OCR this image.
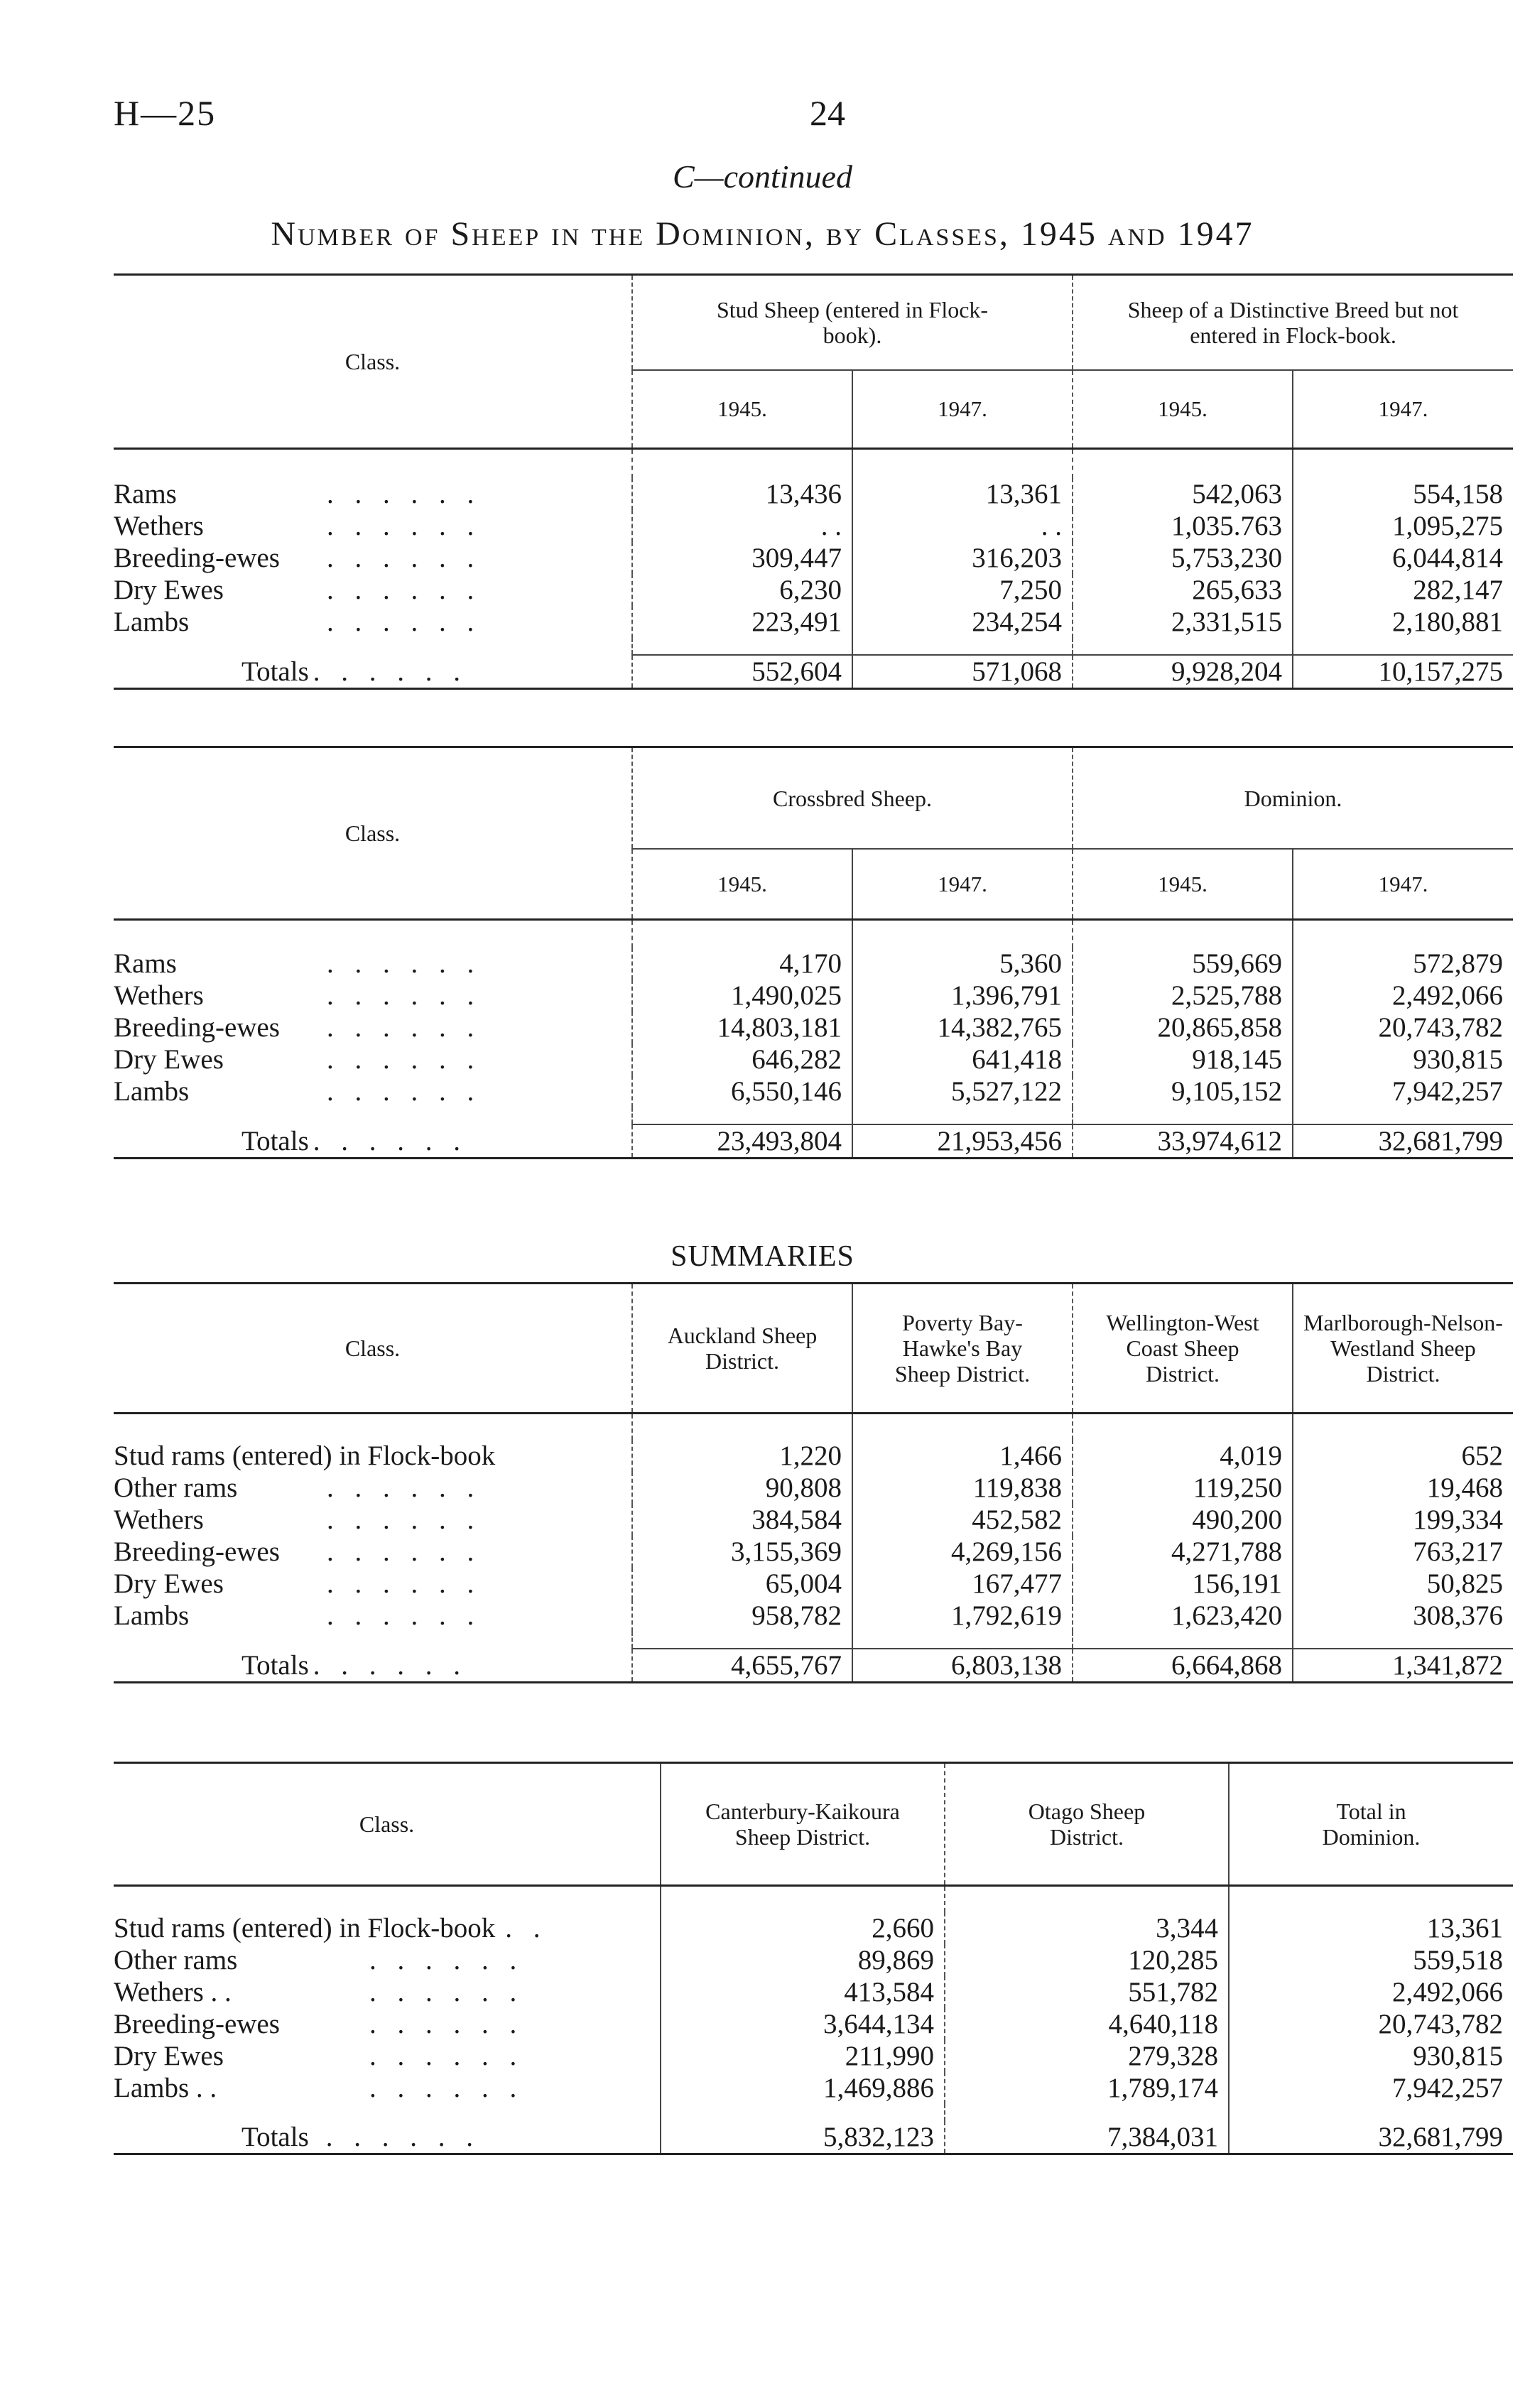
H—25	24
C—continued
Number of Sheep in the Dominion, by Classes, 1945 and 1947
Class.	Stud Sheep (entered in Flock-book).		Sheep of a Distinctive Breed but not entered in Flock-book.	
	1945.	1947.	1945.	1947.

Rams . . . . . .	13,436	13,361	542,063	554,158
Wethers . . . . . .	. .	. .	1,035.763	1,095,275
Breeding-ewes . . . . . .	309,447	316,203	5,753,230	6,044,814
Dry Ewes . . . . . .	6,230	7,250	265,633	282,147
Lambs . . . . . .	223,491	234,254	2,331,515	2,180,881

Totals . . . . . .	552,604	571,068	9,928,204	10,157,275
Class.	Crossbred Sheep.		Dominion.	
	1945.	1947.	1945.	1947.

Rams . . . . . .	4,170	5,360	559,669	572,879
Wethers . . . . . .	1,490,025	1,396,791	2,525,788	2,492,066
Breeding-ewes . . . . . .	14,803,181	14,382,765	20,865,858	20,743,782
Dry Ewes . . . . . .	646,282	641,418	918,145	930,815
Lambs . . . . . .	6,550,146	5,527,122	9,105,152	7,942,257

Totals . . . . . .	23,493,804	21,953,456	33,974,612	32,681,799
SUMMARIES
Class.	Auckland Sheep District.	Poverty Bay-Hawke's Bay Sheep District.	Wellington-West Coast Sheep District.	Marlborough-Nelson-Westland Sheep District.

Stud rams (entered) in Flock-book	1,220	1,466	4,019	652
Other rams . . . . . .	90,808	119,838	119,250	19,468
Wethers . . . . . .	384,584	452,582	490,200	199,334
Breeding-ewes . . . . . .	3,155,369	4,269,156	4,271,788	763,217
Dry Ewes . . . . . .	65,004	167,477	156,191	50,825
Lambs . . . . . .	958,782	1,792,619	1,623,420	308,376

Totals . . . . . .	4,655,767	6,803,138	6,664,868	1,341,872
Class.	Canterbury-Kaikoura Sheep District.	Otago Sheep District.	Total in Dominion.

Stud rams (entered) in Flock-book . .	2,660	3,344	13,361
Other rams . . . . . .	89,869	120,285	559,518
Wethers . . . . . . . .	413,584	551,782	2,492,066
Breeding-ewes . . . . . .	3,644,134	4,640,118	20,743,782
Dry Ewes . . . . . .	211,990	279,328	930,815
Lambs . . . . . . . .	1,469,886	1,789,174	7,942,257

Totals . . . . . .	5,832,123	7,384,031	32,681,799
